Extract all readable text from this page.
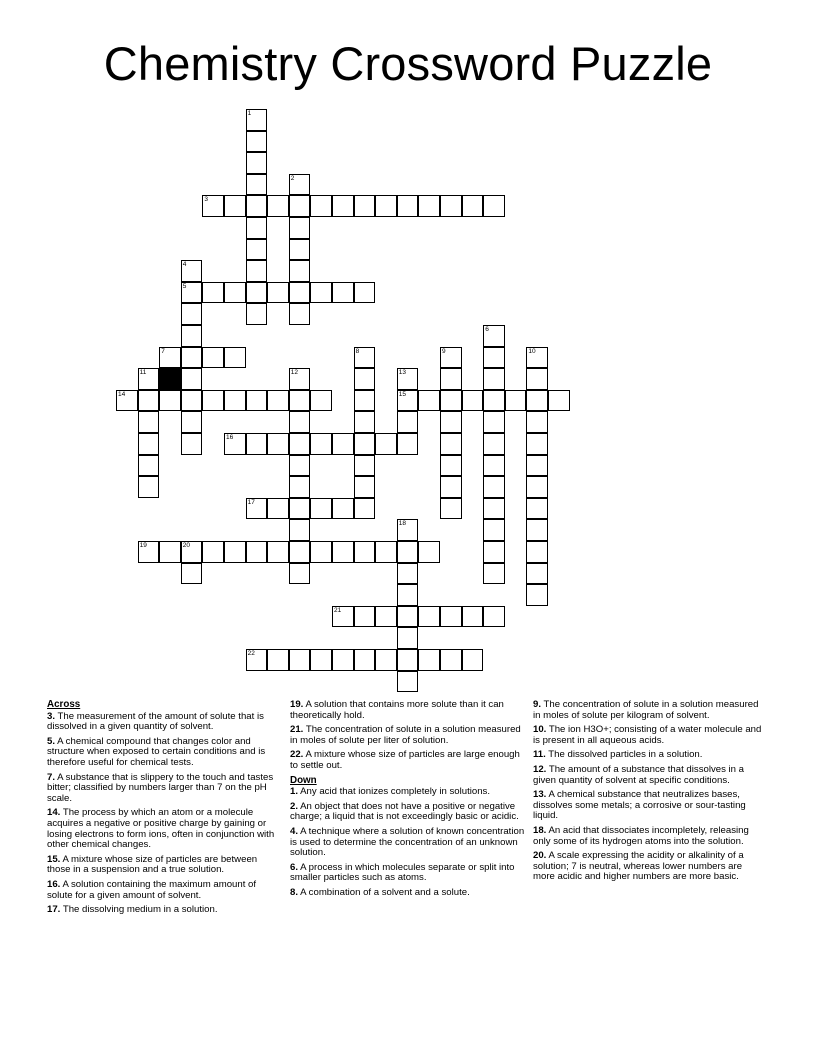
Chemistry Crossword Puzzle
1
2
3
4
5
6
7	8	9	10
11	12	13
15
14
16
17
18
19	20
21
22
Across
3. The measurement of the amount of solute that is dissolved in a given quantity of solvent.
5. A chemical compound that changes color and structure when exposed to certain conditions and is therefore useful for chemical tests.
7. A substance that is slippery to the touch and tastes bitter; classified by numbers larger than 7 on the pH scale.
14. The process by which an atom or a molecule acquires a negative or positive charge by gaining or losing electrons to form ions, often in conjunction with other chemical changes.
15. A mixture whose size of particles are between those in a suspension and a true solution.
16. A solution containing the maximum amount of solute for a given amount of solvent.
17. The dissolving medium in a solution.
19. A solution that contains more solute than it can theoretically hold.
21. The concentration of solute in a solution measured in moles of solute per liter of solution.
22. A mixture whose size of particles are large enough to settle out.
Down
1. Any acid that ionizes completely in solutions.
2. An object that does not have a positive or negative charge; a liquid that is not exceedingly basic or acidic.
4. A technique where a solution of known concentration is used to determine the concentration of an unknown solution.
6. A process in which molecules separate or split into smaller particles such as atoms.
8. A combination of a solvent and a solute.
9. The concentration of solute in a solution measured in moles of solute per kilogram of solvent.
10. The ion H3O+; consisting of a water molecule and is present in all aqueous acids.
11. The dissolved particles in a solution.
12. The amount of a substance that dissolves in a given quantity of solvent at specific conditions.
13. A chemical substance that neutralizes bases, dissolves some metals; a corrosive or sour-tasting liquid.
18. An acid that dissociates incompletely, releasing only some of its hydrogen atoms into the solution.
20. A scale expressing the acidity or alkalinity of a solution; 7 is neutral, whereas lower numbers are more acidic and higher numbers are more basic.
